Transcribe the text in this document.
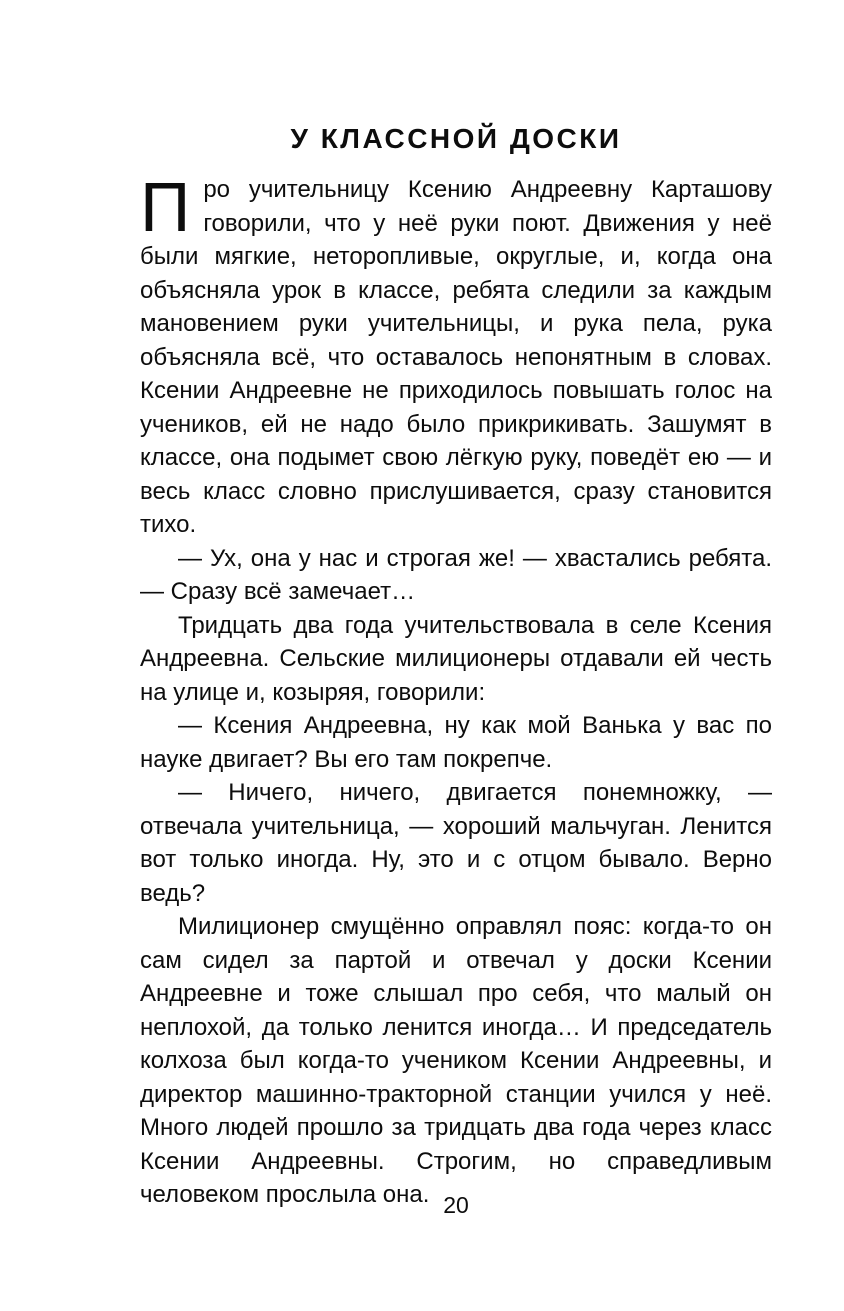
У КЛАССНОЙ ДОСКИ

Про учительницу Ксению Андреевну Карташову говорили, что у неё руки поют. Движения у неё были мягкие, неторопливые, округлые, и, когда она объясняла урок в классе, ребята следили за каждым мановением руки учительницы, и рука пела, рука объясняла всё, что оставалось непонятным в словах. Ксении Андреевне не приходилось повышать голос на учеников, ей не надо было прикрикивать. Зашумят в классе, она подымет свою лёгкую руку, поведёт ею — и весь класс словно прислушивается, сразу становится тихо.

— Ух, она у нас и строгая же! — хвастались ребята. — Сразу всё замечает…

Тридцать два года учительствовала в селе Ксения Андреевна. Сельские милиционеры отдавали ей честь на улице и, козыряя, говорили:

— Ксения Андреевна, ну как мой Ванька у вас по науке двигает? Вы его там покрепче.

— Ничего, ничего, двигается понемножку, — отвечала учительница, — хороший мальчуган. Ленится вот только иногда. Ну, это и с отцом бывало. Верно ведь?

Милиционер смущённо оправлял пояс: когда-то он сам сидел за партой и отвечал у доски Ксении Андреевне и тоже слышал про себя, что малый он неплохой, да только ленится иногда… И председатель колхоза был когда-то учеником Ксении Андреевны, и директор машинно-тракторной станции учился у неё. Много людей прошло за тридцать два года через класс Ксении Андреевны. Строгим, но справедливым человеком прослыла она. 20
